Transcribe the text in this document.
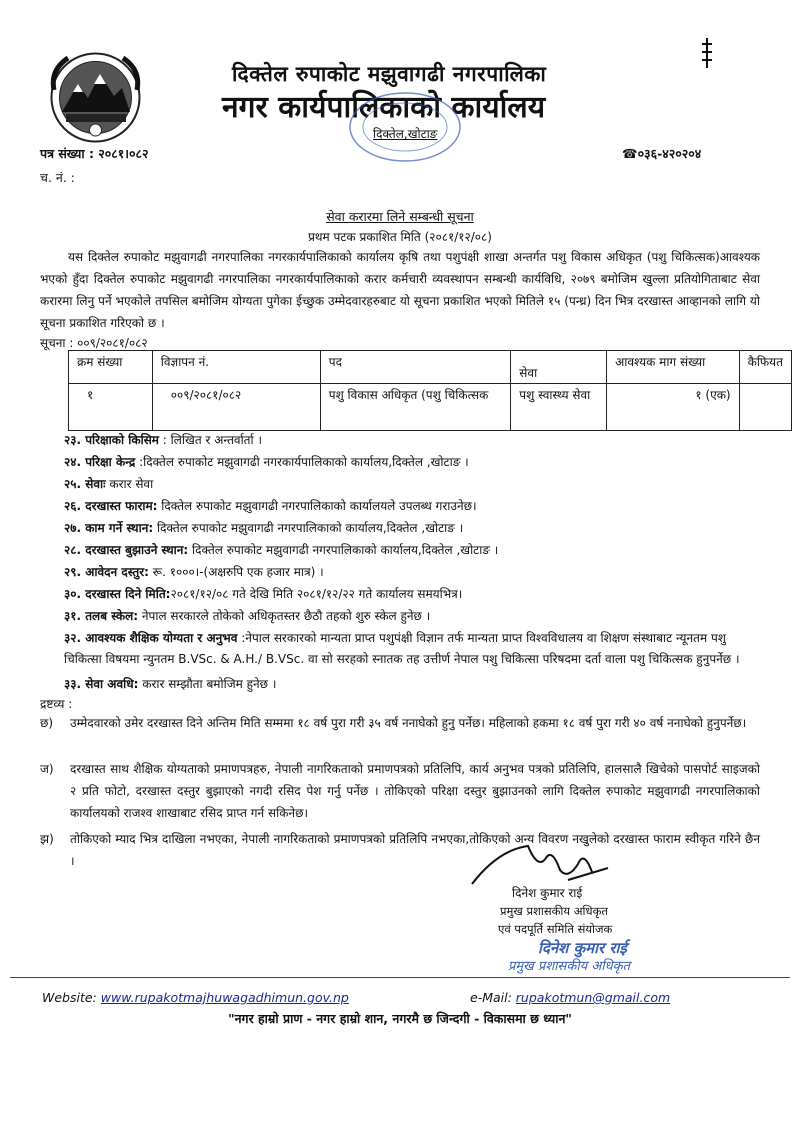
दिक्तेल रुपाकोट मझुवागढी नगरपालिका
नगर कार्यपालिकाको कार्यालय
दिक्तेल,खोटाङ
पत्र संख्या : २०८१।०८२
च. नं. :
☎०३६-४२०२०४
सेवा करारमा लिने सम्बन्धी सूचना
प्रथम पटक प्रकाशित मिति (२०८१/१२/०८)
यस दिक्तेल रुपाकोट मझुवागढी नगरपालिका नगरकार्यपालिकाको कार्यालय कृषि तथा पशुपंक्षी शाखा अन्तर्गत पशु विकास अधिकृत (पशु चिकित्सक)आवश्यक भएको हुँदा दिक्तेल रुपाकोट मझुवागढी नगरपालिका नगरकार्यपालिकाको करार कर्मचारी व्यवस्थापन सम्बन्धी कार्यविधि, २०७९ बमोजिम खुल्ला प्रतियोगिताबाट सेवा करारमा लिनु पर्ने भएकोले तपसिल बमोजिम योग्यता पुगेका ईच्छुक उम्मेदवारहरुबाट यो सूचना प्रकाशित भएको मितिले १५ (पन्ध्र) दिन भित्र दरखास्त आव्हानको लागि यो सूचना प्रकाशित गरिएको छ ।
सूचना : ००९/२०८१/०८२
क्रम संख्या	विज्ञापन नं.	पद	सेवा	आवश्यक माग संख्या	कैफियत
१	००९/२०८१/०८२	पशु विकास अधिकृत (पशु चिकित्सक	पशु स्वास्थ्य सेवा	१ (एक)	
२३. परिक्षाको किसिम : लिखित र अन्तर्वार्ता ।
२४. परिक्षा केन्द्र :दिक्तेल रुपाकोट मझुवागढी नगरकार्यपालिकाको कार्यालय,दिक्तेल ,खोटाङ ।
२५. सेवाः करार सेवा
२६. दरखास्त फाराम: दिक्तेल रुपाकोट मझुवागढी नगरपालिकाको कार्यालयले उपलब्ध गराउनेछ।
२७. काम गर्ने स्थान: दिक्तेल रुपाकोट मझुवागढी नगरपालिकाको कार्यालय,दिक्तेल ,खोटाङ ।
२८. दरखास्त बुझाउने स्थान: दिक्तेल रुपाकोट मझुवागढी नगरपालिकाको कार्यालय,दिक्तेल ,खोटाङ ।
२९. आवेदन दस्तुर: रू. १०००।-(अक्षरुपि एक हजार मात्र) ।
३०. दरखास्त दिने मिति:२०८१/१२/०८ गते देखि मिति २०८१/१२/२२ गते कार्यालय समयभित्र।
३१. तलब स्केल: नेपाल सरकारले तोकेको अधिकृतस्तर छैठौ तहको शुरु स्केल हुनेछ ।
३२. आवश्यक शैक्षिक योग्यता र अनुभव :नेपाल सरकारको मान्यता प्राप्त पशुपंक्षी विज्ञान तर्फ मान्यता प्राप्त विश्वविधालय वा शिक्षण संस्थाबाट न्यूनतम पशु चिकित्सा विषयमा न्युनतम B.VSc. & A.H./ B.VSc. वा सो सरहको स्नातक तह उत्तीर्ण नेपाल पशु चिकित्सा परिषदमा दर्ता वाला पशु चिकित्सक हुनुपर्नेछ ।
३३. सेवा अवधि: करार सम्झौता बमोजिम हुनेछ ।
द्रष्टव्य :
छ)	उम्मेदवारको उमेर दरखास्त दिने अन्तिम मिति सम्ममा १८ वर्ष पुरा गरी ३५ वर्ष ननाघेको हुनु पर्नेछ। महिलाको हकमा १८ वर्ष पुरा गरी ४० वर्ष ननाघेको हुनुपर्नेछ।
ज)	दरखास्त साथ शैक्षिक योग्यताको प्रमाणपत्रहरु, नेपाली नागरिकताको प्रमाणपत्रको प्रतिलिपि, कार्य अनुभव पत्रको प्रतिलिपि, हालसालै खिचेको पासपोर्ट साइजको २ प्रति फोटो, दरखास्त दस्तुर बुझाएको नगदी रसिद पेश गर्नु पर्नेछ । तोकिएको परिक्षा दस्तुर बुझाउनको लागि दिक्तेल रुपाकोट मझुवागढी नगरपालिकाको कार्यालयको राजश्व शाखाबाट रसिद प्राप्त गर्न सकिनेछ।
झ)	तोकिएको म्याद भित्र दाखिला नभएका, नेपाली नागरिकताको प्रमाणपत्रको प्रतिलिपि नभएका,तोकिएको अन्य विवरण नखुलेको दरखास्त फाराम स्वीकृत गरिने छैन ।
दिनेश कुमार राई
प्रमुख प्रशासकीय अधिकृत
एवं पदपूर्ति समिति संयोजक
दिनेश कुमार राई
प्रमुख प्रशासकीय अधिकृत
Website: www.rupakotmajhuwagadhimun.gov.np	e-Mail: rupakotmun@gmail.com
"नगर हाम्रो प्राण - नगर हाम्रो शान, नगरमै छ जिन्दगी - विकासमा छ ध्यान"
